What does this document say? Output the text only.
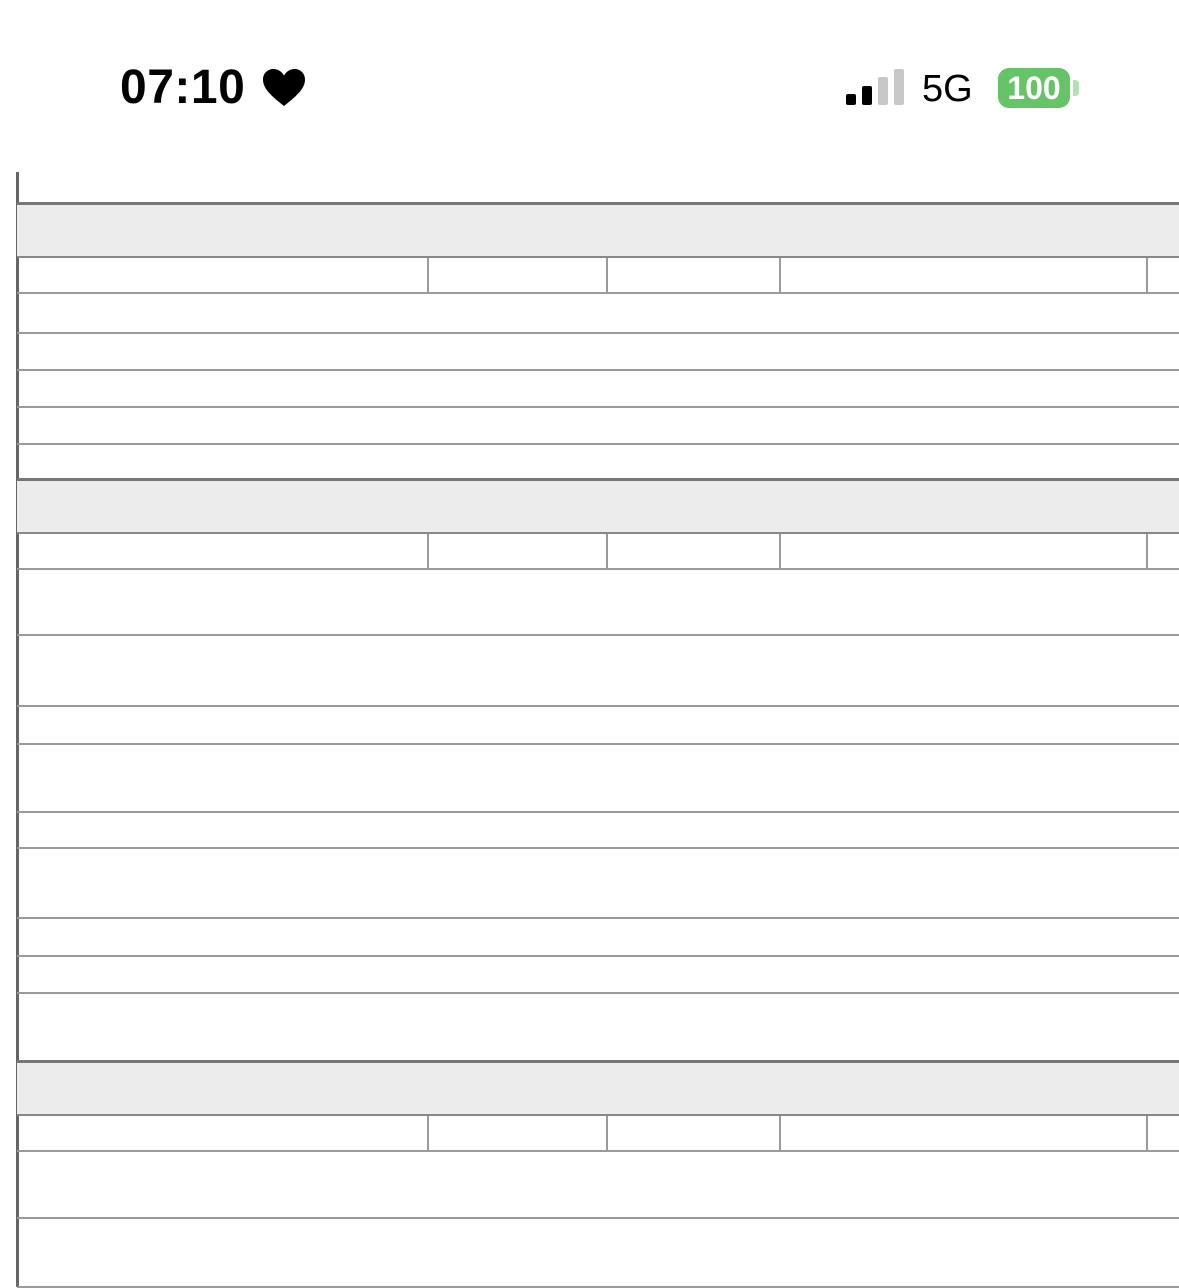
07:10	5G 100
